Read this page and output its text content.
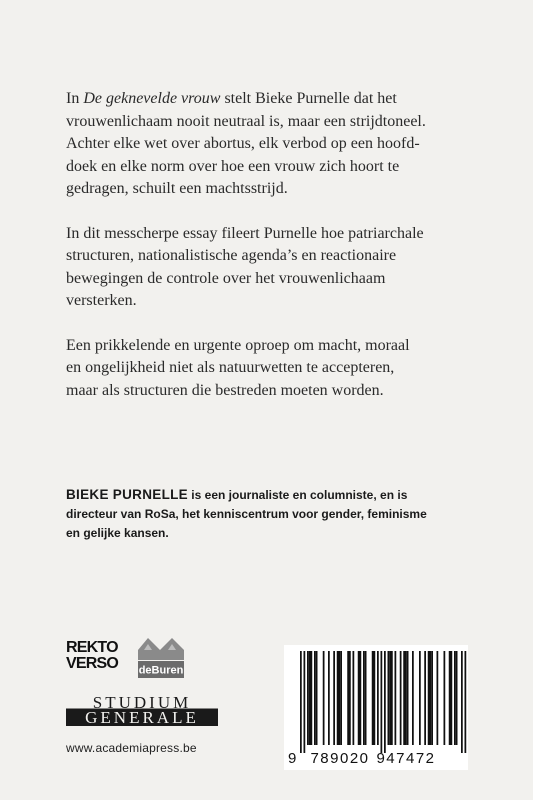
In De geknevelde vrouw stelt Bieke Purnelle dat het
vrouwenlichaam nooit neutraal is, maar een strijdtoneel.
Achter elke wet over abortus, elk verbod op een hoofd-
doek en elke norm over hoe een vrouw zich hoort te
gedragen, schuilt een machtsstrijd.

In dit messcherpe essay fileert Purnelle hoe patriarchale
structuren, nationalistische agenda’s en reactionaire
bewegingen de controle over het vrouwenlichaam
versterken.

Een prikkelende en urgente oproep om macht, moraal
en ongelijkheid niet als natuurwetten te accepteren,
maar als structuren die bestreden moeten worden.

BIEKE PURNELLE is een journaliste en columniste, en is
directeur van RoSa, het kenniscentrum voor gender, feminisme
en gelijke kansen.
REKTO
VERSO deBuren
STUDIUM
GENERALE
www.academiapress.be
9 789020 947472
